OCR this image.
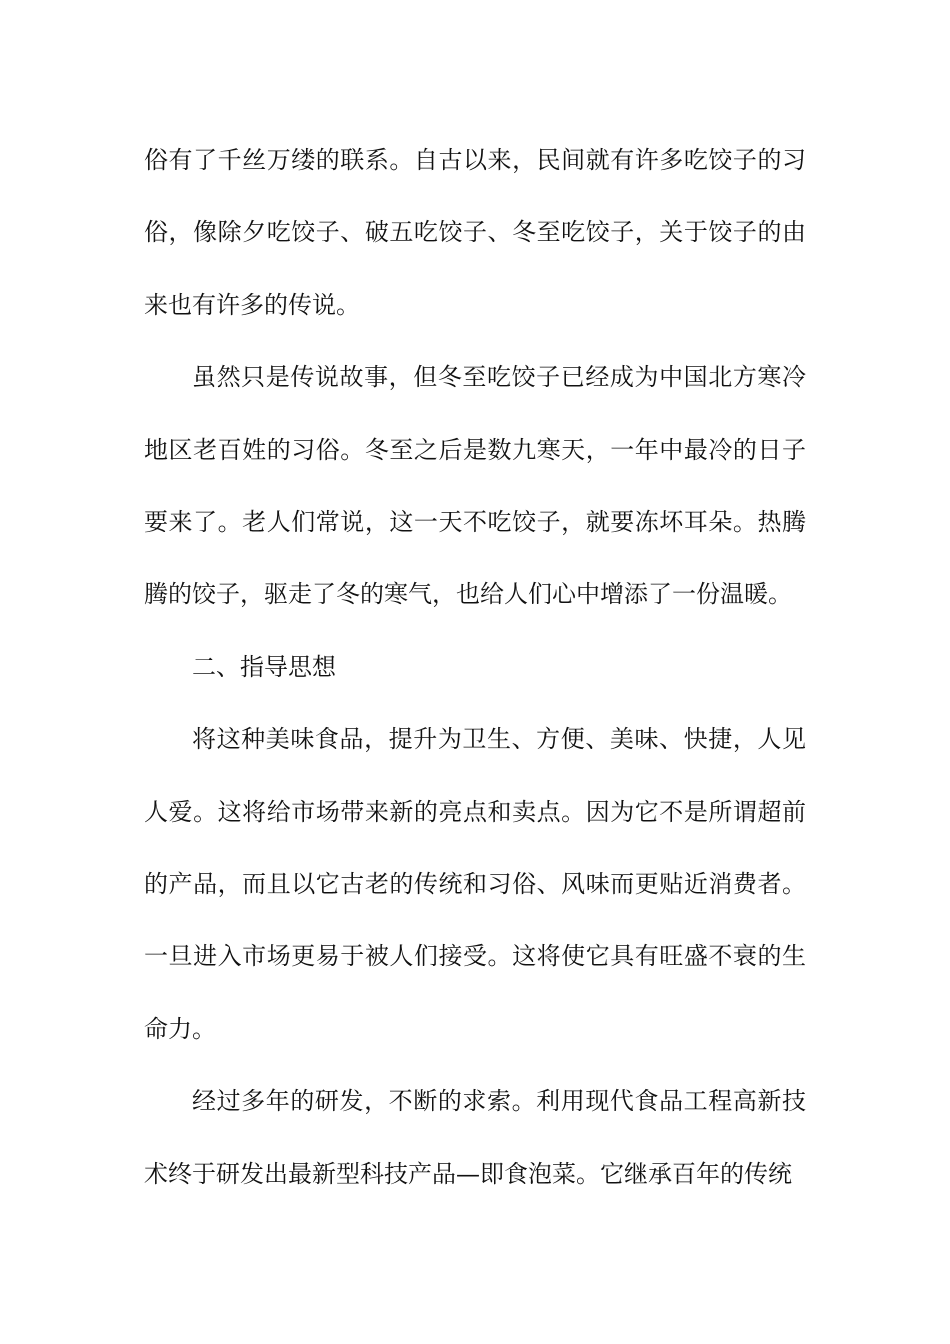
俗有了千丝万缕的联系。自古以来，民间就有许多吃饺子的习俗，像除夕吃饺子、破五吃饺子、冬至吃饺子，关于饺子的由来也有许多的传说。

虽然只是传说故事，但冬至吃饺子已经成为中国北方寒冷地区老百姓的习俗。冬至之后是数九寒天，一年中最冷的日子要来了。老人们常说，这一天不吃饺子，就要冻坏耳朵。热腾腾的饺子，驱走了冬的寒气，也给人们心中增添了一份温暖。

二、指导思想

将这种美味食品，提升为卫生、方便、美味、快捷，人见人爱。这将给市场带来新的亮点和卖点。因为它不是所谓超前的产品，而且以它古老的传统和习俗、风味而更贴近消费者。一旦进入市场更易于被人们接受。这将使它具有旺盛不衰的生命力。

经过多年的研发，不断的求索。利用现代食品工程高新技术终于研发出最新型科技产品—即食泡菜。它继承百年的传统
